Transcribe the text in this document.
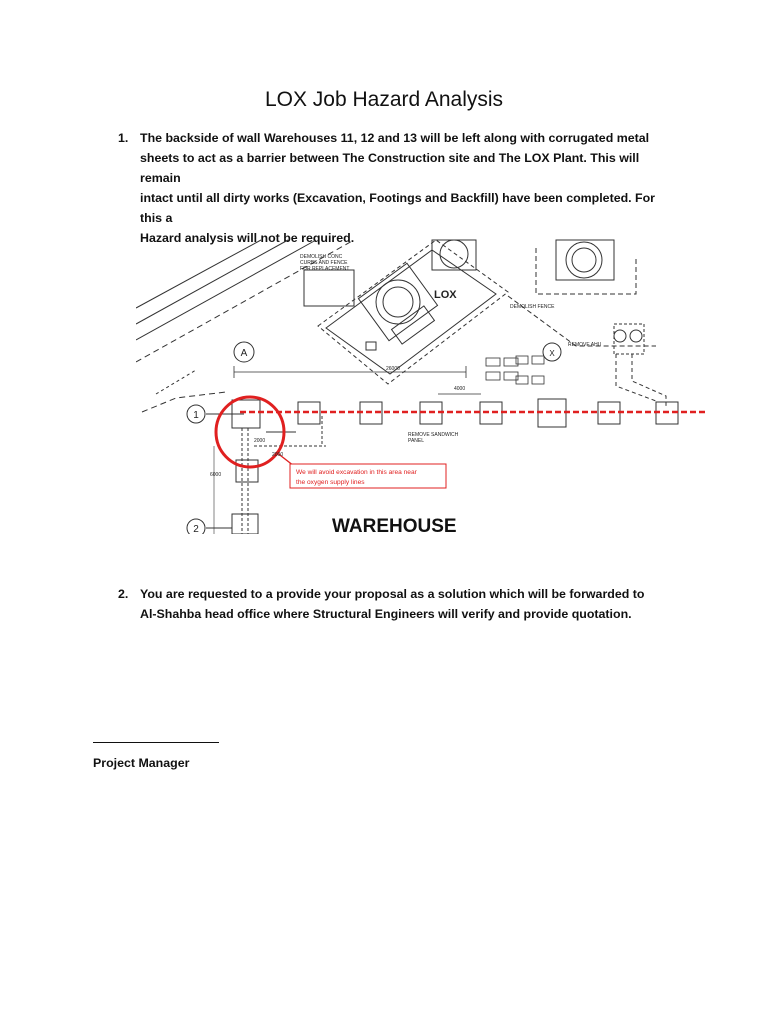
LOX Job Hazard Analysis
1. The backside of wall Warehouses 11, 12 and 13 will be left along with corrugated metal
sheets to act as a barrier between The Construction site and The LOX Plant. This will remain
intact until all dirty works (Excavation, Footings and Backfill) have been completed. For this a
Hazard analysis will not be required.
A
1
2
X
We will avoid excavation in this area near
the oxygen supply lines
DEMOLISH CONC
CURBS AND FENCE
FOR REPLACEMENT
DEMOLISH FENCE
REMOVE AHU
REMOVE SANDWICH
PANEL
26000
4000
2000
2000
6000
LOX
WAREHOUSE
2. You are requested to a provide your proposal as a solution which will be forwarded to
Al-Shahba head office where Structural Engineers will verify and provide quotation.
Project Manager
